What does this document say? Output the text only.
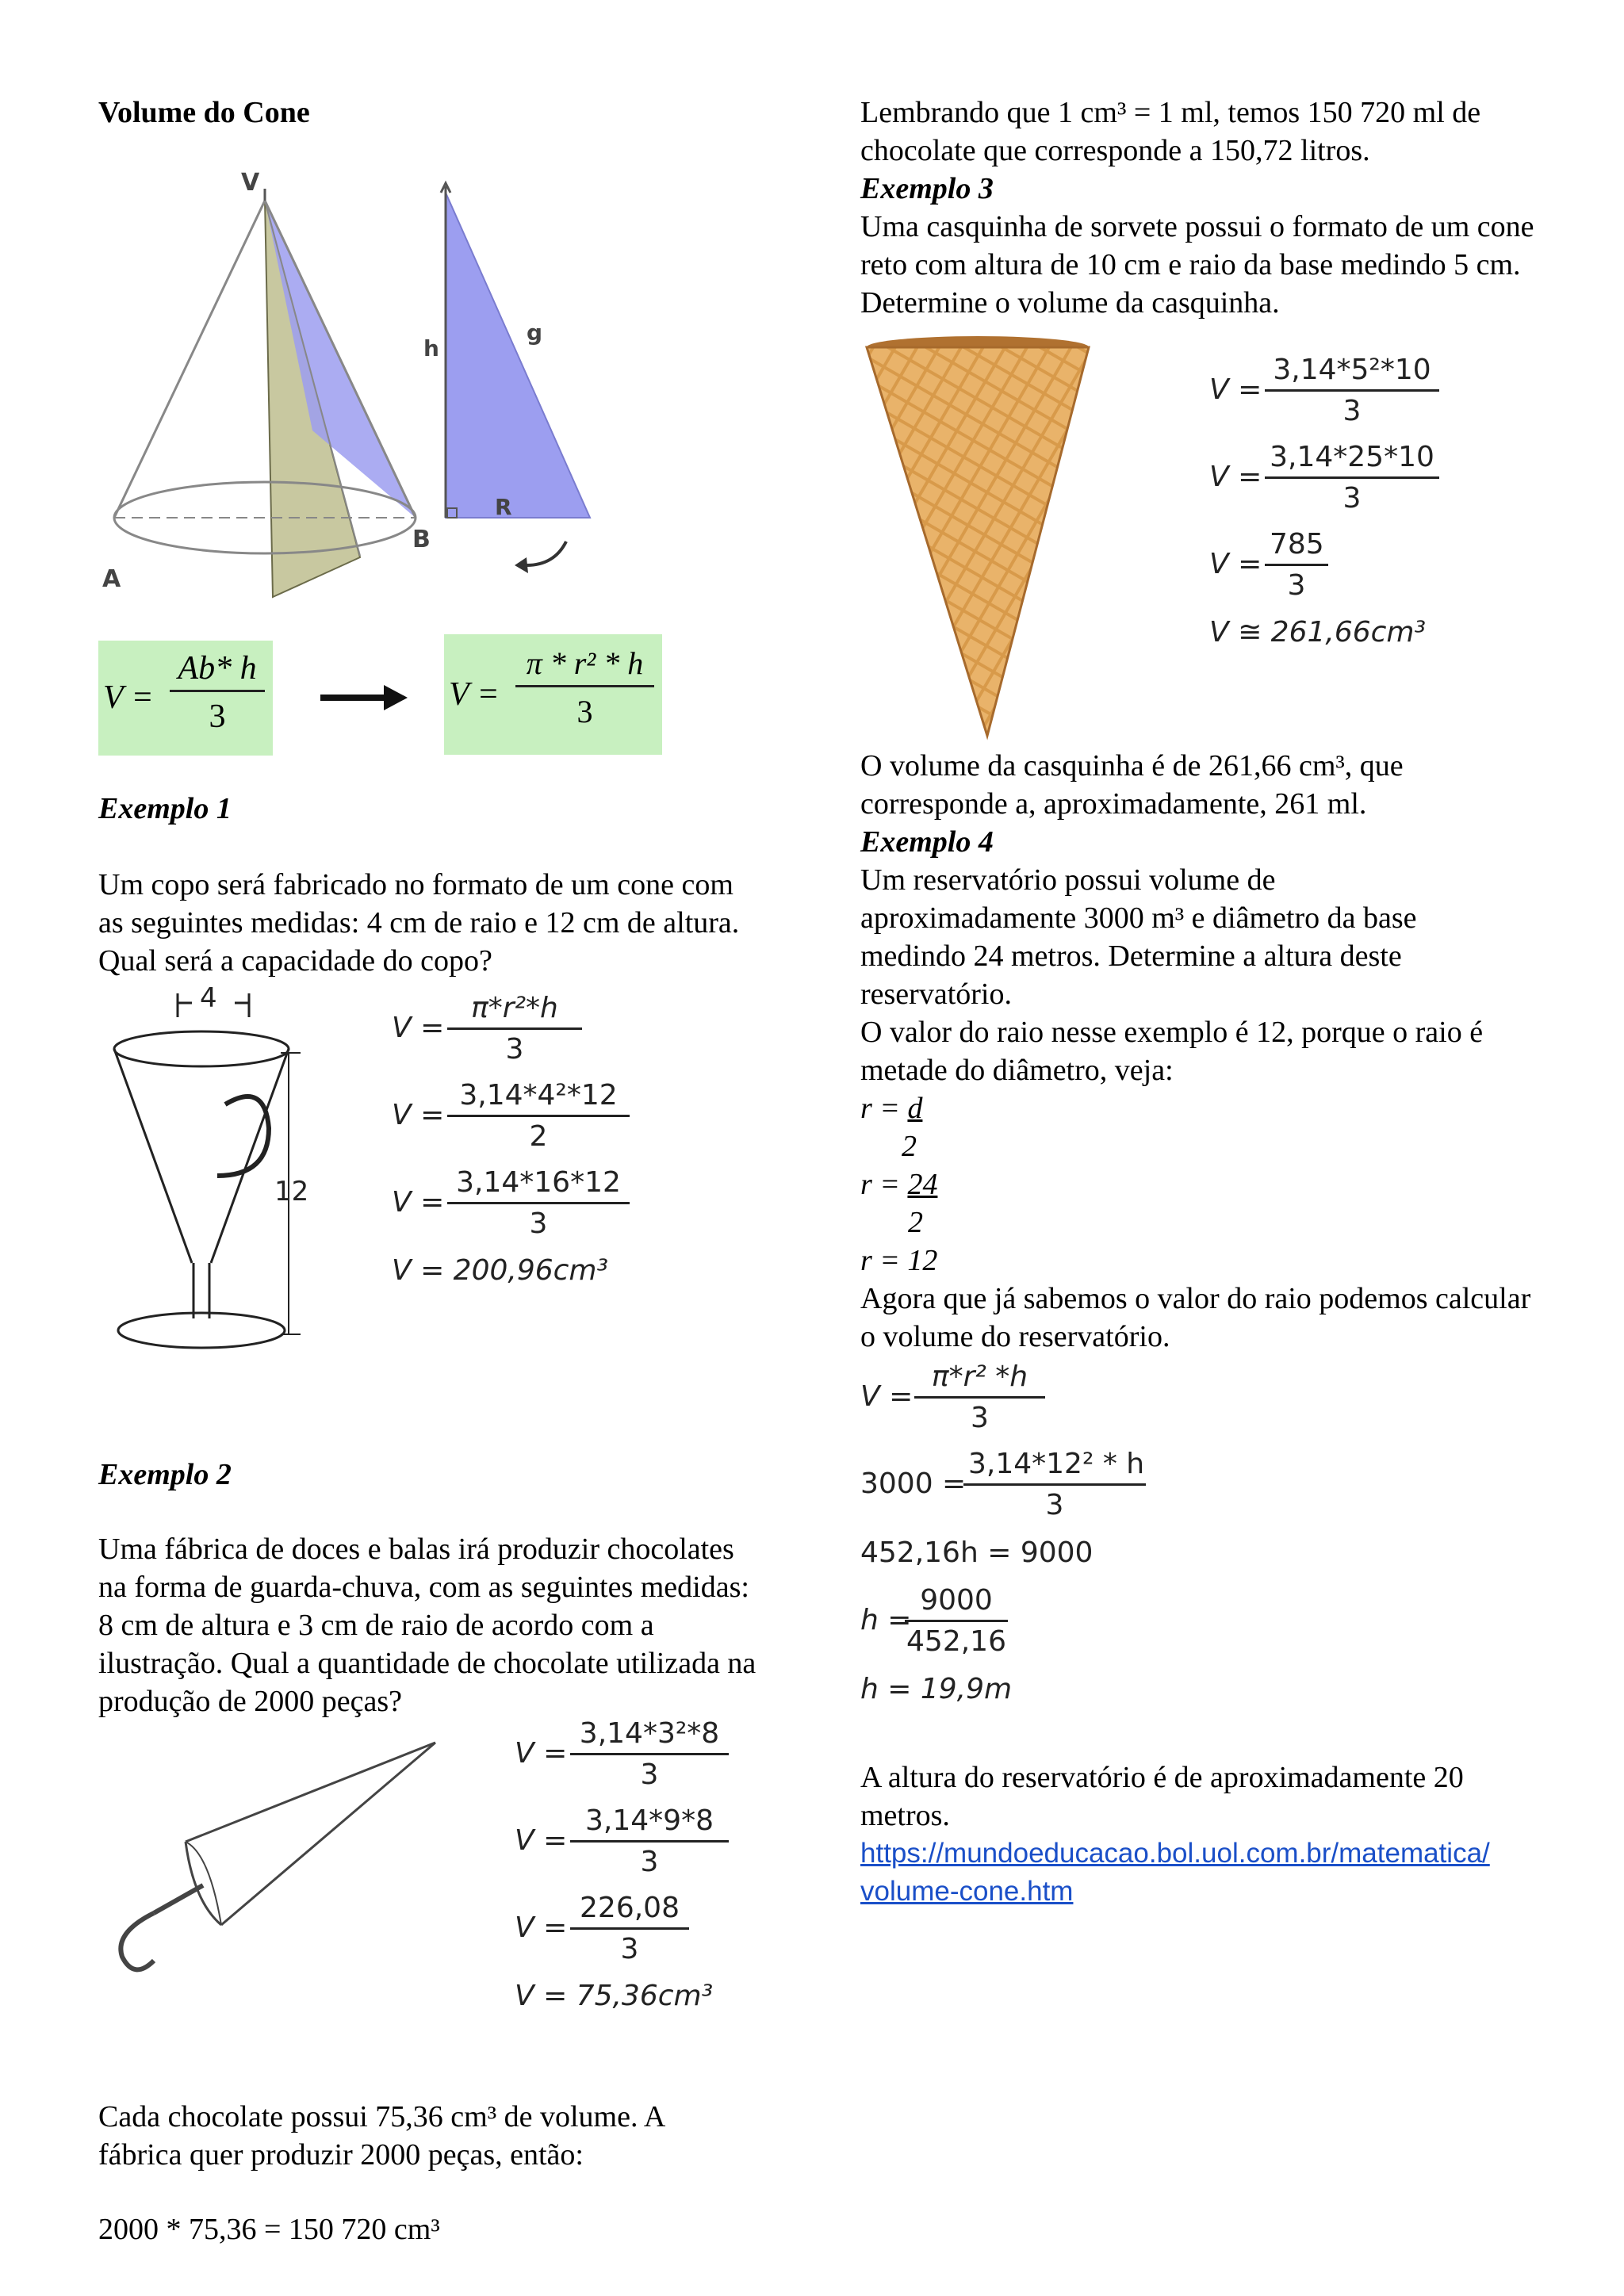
Volume do Cone

V
A
B
h
g
R
$V = \frac{Ab* h}{3}$	$V = \frac{\text{π * r² * h}}{3}$

Exemplo 1

Um copo será fabricado no formato de um cone com as seguintes medidas: 4 cm de raio e 12 cm de altura. Qual será a capacidade do copo?

4
12
$V = \frac{\text{π*r²*h}}{3}$
$V = \frac{\text{3,14*4²*12}}{2}$
$V = \frac{3,14*16*12}{3}$
V = 200,96cm³

Exemplo 2

Uma fábrica de doces e balas irá produzir chocolates na forma de guarda-chuva, com as seguintes medidas: 8 cm de altura e 3 cm de raio de acordo com a ilustração. Qual a quantidade de chocolate utilizada na produção de 2000 peças?

$V = \frac{\text{3,14*3²*8}}{3}$
$V = \frac{3,14*9*8}{3}$
$V = \frac{226,08}{3}$
V = 75,36cm³

Cada chocolate possui 75,36 cm³ de volume. A fábrica quer produzir 2000 peças, então:

2000 * 75,36 = 150 720 cm³

Lembrando que 1 cm³ = 1 ml, temos 150 720 ml de chocolate que corresponde a 150,72 litros.

Exemplo 3

Uma casquinha de sorvete possui o formato de um cone reto com altura de 10 cm e raio da base medindo 5 cm. Determine o volume da casquinha.

$V = \frac{\text{3,14*5²*10}}{3}$
$V = \frac{3,14*25*10}{3}$
$V = \frac{785}{3}$
V ≅ 261,66cm³

O volume da casquinha é de 261,66 cm³, que corresponde a, aproximadamente, 261 ml.

Exemplo 4

Um reservatório possui volume de aproximadamente 3000 m³ e diâmetro da base medindo 24 metros. Determine a altura deste reservatório.

O valor do raio nesse exemplo é 12, porque o raio é metade do diâmetro, veja:

r = d
2
r = 24
2
r = 12

Agora que já sabemos o valor do raio podemos calcular o volume do reservatório.

$V = \frac{\text{π*r² *h}}{3}$
3000 =
$\frac{\text{3,14*12² * h}}{3}$
452,16h = 9000
h =
$\frac{9000}{452,16}$
h = 19,9m

A altura do reservatório é de aproximadamente 20 metros.

https://mundoeducacao.bol.uol.com.br/matematica/
volume-cone.htm
